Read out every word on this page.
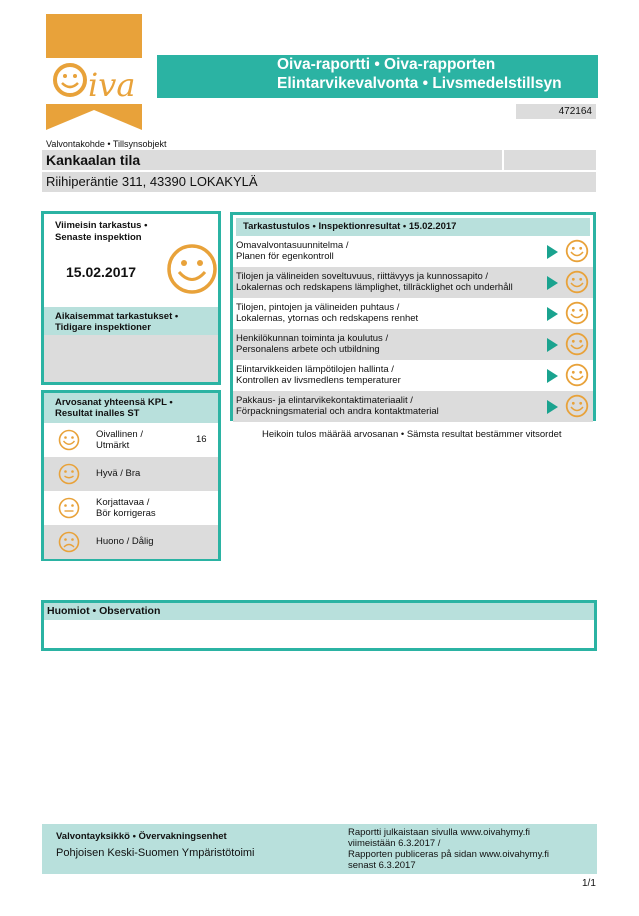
iva
Oiva-raportti • Oiva-rapporten
Elintarvikevalvonta • Livsmedelstillsyn
472164
Valvontakohde • Tillsynsobjekt
Kankaalan tila
Riihiperäntie 311, 43390 LOKAKYLÄ
Viimeisin tarkastus •
Senaste inspektion
15.02.2017
Aikaisemmat tarkastukset •
Tidigare inspektioner
Arvosanat yhteensä KPL •
Resultat inalles ST
Oivallinen /
Utmärkt
16
Hyvä / Bra
Korjattavaa /
Bör korrigeras
Huono / Dålig
Tarkastustulos • Inspektionresultat • 15.02.2017
Omavalvontasuunnitelma /
Planen för egenkontroll
Tilojen ja välineiden soveltuvuus, riittävyys ja kunnossapito /
Lokalernas och redskapens lämplighet, tillräcklighet och underhåll
Tilojen, pintojen ja välineiden puhtaus /
Lokalernas, ytornas och redskapens renhet
Henkilökunnan toiminta ja koulutus /
Personalens arbete och utbildning
Elintarvikkeiden lämpötilojen hallinta /
Kontrollen av livsmedlens temperaturer
Pakkaus- ja elintarvikekontaktimateriaalit /
Förpackningsmaterial och andra kontaktmaterial
Heikoin tulos määrää arvosanan • Sämsta resultat bestämmer vitsordet
Huomiot • Observation
Valvontayksikkö • Övervakningsenhet
Pohjoisen Keski-Suomen Ympäristötoimi
Raportti julkaistaan sivulla www.oivahymy.fi
viimeistään 6.3.2017 /
Rapporten publiceras på sidan www.oivahymy.fi
senast 6.3.2017
1/1
